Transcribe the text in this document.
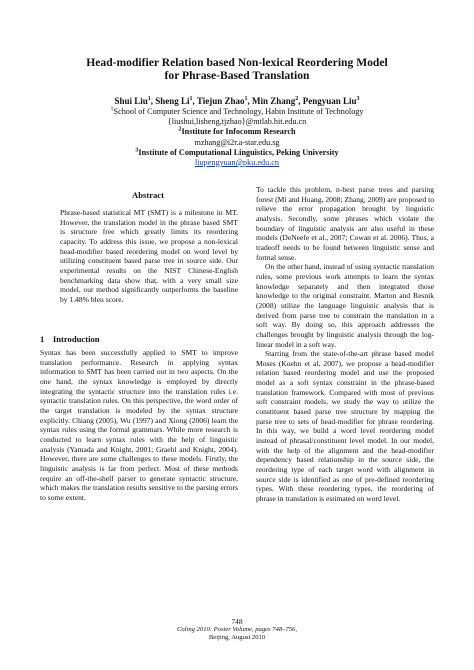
Head-modifier Relation based Non-lexical Reordering Model
for Phrase-Based Translation
Shui Liu$^1$, Sheng Li$^1$, Tiejun Zhao$^1$, Min Zhang$^2$, Pengyuan Liu$^3$
$^1$School of Computer Science and Technology, Habin Institute of Technology
{liushui,lisheng,tjzhao}@mtlab.hit.edu.cn
$^2$Institute for Infocomm Research
mzhang@i2r.a-star.edu.sg
$^3$Institute of Computational Linguistics, Peking University
liupengyuan@pku.edu.cn
Abstract

Phrase-based statistical MT (SMT) is a milestone in MT. However, the translation model in the phrase based SMT is structure free which greatly limits its reordering capacity. To address this issue, we propose a non-lexical head-modifier based reordering model on word level by utilizing constituent based parse tree in source side. Our experimental results on the NIST Chinese-English benchmarking data show that, with a very small size model, our method significantly outperforms the baseline by 1.48% bleu score.

1 Introduction

Syntax has been successfully applied to SMT to improve translation performance. Research in applying syntax information to SMT has been carried out in two aspects. On the one hand, the syntax knowledge is employed by directly integrating the syntactic structure into the translation rules i.e. syntactic translation rules. On this perspective, the word order of the target translation is modeled by the syntax structure explicitly. Chiang (2005), Wu (1997) and Xiong (2006) learn the syntax rules using the formal grammars. While more research is conducted to learn syntax rules with the help of linguistic analysis (Yamada and Knight, 2001; Graehl and Knight, 2004). However, there are some challenges to these models. Firstly, the linguistic analysis is far from perfect. Most of these methods require an off-the-shelf parser to generate syntactic structure, which makes the translation results sensitive to the parsing errors to some extent.

To tackle this problem, n-best parse trees and parsing forest (Mi and Huang, 2008; Zhang, 2009) are proposed to relieve the error propagation brought by linguistic analysis. Secondly, some phrases which violate the boundary of linguistic analysis are also useful in these models (DeNeefe et al., 2007; Cowan et al. 2006). Thus, a tradeoff needs to be found between linguistic sense and formal sense.

On the other hand, instead of using syntactic translation rules, some previous work attempts to learn the syntax knowledge separately and then integrated those knowledge to the original constraint. Marton and Resnik (2008) utilize the language linguistic analysis that is derived from parse tree to constrain the translation in a soft way. By doing so, this approach addresses the challenges brought by linguistic analysis through the log-linear model in a soft way.

Starting from the state-of-the-art phrase based model Moses (Koehn et al, 2007), we propose a head-modifier relation based reordering model and use the proposed model as a soft syntax constraint in the phrase-based translation framework. Compared with most of previous soft constraint models, we study the way to utilize the constituent based parse tree structure by mapping the parse tree to sets of head-modifier for phrase reordering. In this way, we build a word level reordering model instead of phrasal/constituent level model. In our model, with the help of the alignment and the head-modifier dependency based relationship in the source side, the reordering type of each target word with alignment in source side is identified as one of pre-defined reordering types. With these reordering types, the reordering of phrase in translation is estimated on word level.

748
Coling 2010: Poster Volume, pages 748–756,
Beijing, August 2010
